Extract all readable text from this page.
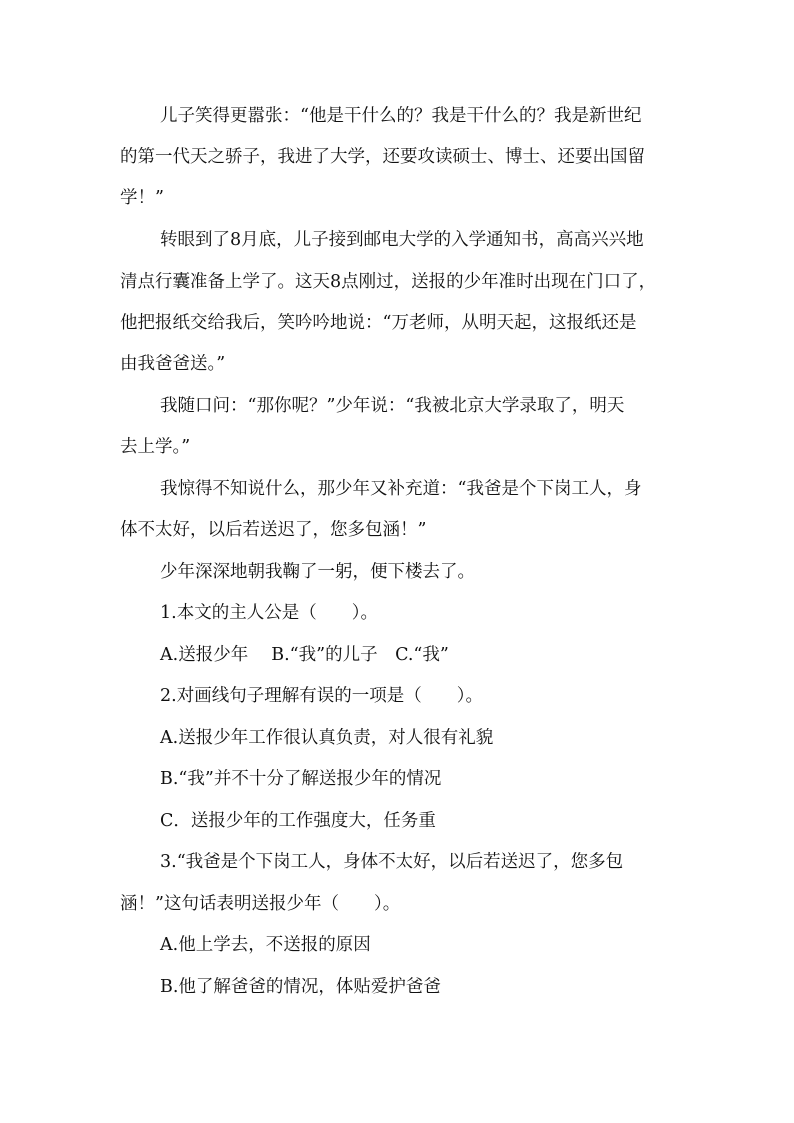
儿子笑得更嚣张：“他是干什么的？我是干什么的？我是新世纪
的第一代天之骄子，我进了大学，还要攻读硕士、博士、还要出国留
学！”
转眼到了8月底，儿子接到邮电大学的入学通知书，高高兴兴地
清点行囊准备上学了。这天8点刚过，送报的少年准时出现在门口了，
他把报纸交给我后，笑吟吟地说：“万老师，从明天起，这报纸还是
由我爸爸送。”
我随口问：“那你呢？”少年说：“我被北京大学录取了，明天
去上学。”
我惊得不知说什么，那少年又补充道：“我爸是个下岗工人，身
体不太好，以后若送迟了，您多包涵！”
少年深深地朝我鞠了一躬，便下楼去了。
1.本文的主人公是（　　）。
A.送报少年　 B.“我”的儿子　C.“我”
2.对画线句子理解有误的一项是（　　）。
A.送报少年工作很认真负责，对人很有礼貌
B.“我”并不十分了解送报少年的情况
C．送报少年的工作强度大，任务重
3.“我爸是个下岗工人，身体不太好，以后若送迟了，您多包
涵！”这句话表明送报少年（　　）。
A.他上学去，不送报的原因
B.他了解爸爸的情况，体贴爱护爸爸
